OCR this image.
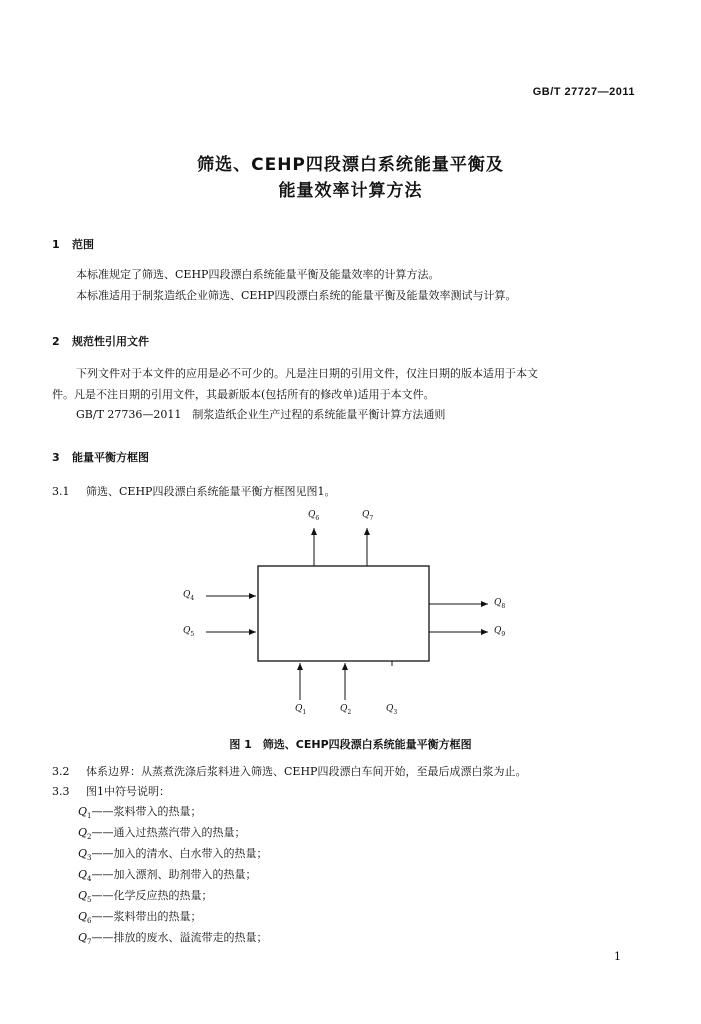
GB/T 27727—2011
筛选、CEHP四段漂白系统能量平衡及
能量效率计算方法
1 范围
本标准规定了筛选、CEHP四段漂白系统能量平衡及能量效率的计算方法。
本标准适用于制浆造纸企业筛选、CEHP四段漂白系统的能量平衡及能量效率测试与计算。
2 规范性引用文件
下列文件对于本文件的应用是必不可少的。凡是注日期的引用文件，仅注日期的版本适用于本文
件。凡是不注日期的引用文件，其最新版本(包括所有的修改单)适用于本文件。
GB/T 27736—2011　制浆造纸企业生产过程的系统能量平衡计算方法通则
3 能量平衡方框图
3.1 筛选、CEHP四段漂白系统能量平衡方框图见图1。
$Q_6$	$Q_7$
$Q_4$
$Q_5$
$Q_8$
$Q_9$
$Q_1$	$Q_2$	$Q_3$
图 1　筛选、CEHP四段漂白系统能量平衡方框图
3.2 体系边界：从蒸煮洗涤后浆料进入筛选、CEHP四段漂白车间开始，至最后成漂白浆为止。
3.3 图1中符号说明：
$Q_1——$浆料带入的热量；
$Q_2——$通入过热蒸汽带入的热量；
$Q_3——$加入的清水、白水带入的热量；
$Q_4——$加入漂剂、助剂带入的热量；
$Q_5——$化学反应热的热量；
$Q_6——$浆料带出的热量；
$Q_7——$排放的废水、溢流带走的热量；
1
